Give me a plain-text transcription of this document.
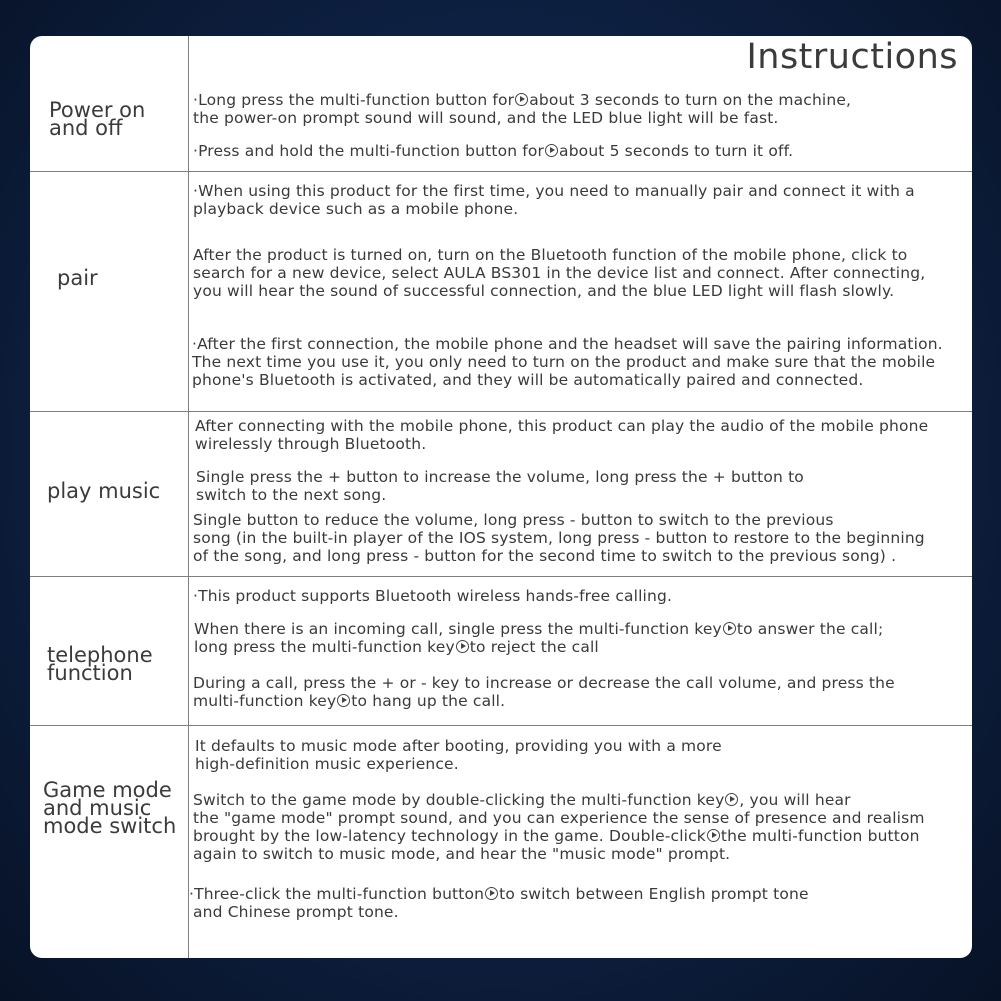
Instructions
Power on
and off
·Long press the multi-function button for about 3 seconds to turn on the machine,
the power-on prompt sound will sound, and the LED blue light will be fast.
·Press and hold the multi-function button for about 5 seconds to turn it off.
pair
·When using this product for the first time, you need to manually pair and connect it with a
playback device such as a mobile phone.
After the product is turned on, turn on the Bluetooth function of the mobile phone, click to
search for a new device, select AULA BS301 in the device list and connect. After connecting,
you will hear the sound of successful connection, and the blue LED light will flash slowly.
·After the first connection, the mobile phone and the headset will save the pairing information.
The next time you use it, you only need to turn on the product and make sure that the mobile
phone's Bluetooth is activated, and they will be automatically paired and connected.
play music
After connecting with the mobile phone, this product can play the audio of the mobile phone
wirelessly through Bluetooth.
Single press the + button to increase the volume, long press the + button to
switch to the next song.
Single button to reduce the volume, long press - button to switch to the previous
song (in the built-in player of the IOS system, long press - button to restore to the beginning
of the song, and long press - button for the second time to switch to the previous song) .
telephone
function
·This product supports Bluetooth wireless hands-free calling.
When there is an incoming call, single press the multi-function key to answer the call;
long press the multi-function key to reject the call
During a call, press the + or - key to increase or decrease the call volume, and press the
multi-function key to hang up the call.
Game mode
and music
mode switch
It defaults to music mode after booting, providing you with a more
high-definition music experience.
Switch to the game mode by double-clicking the multi-function key , you will hear
the "game mode" prompt sound, and you can experience the sense of presence and realism
brought by the low-latency technology in the game. Double-click the multi-function button
again to switch to music mode, and hear the "music mode" prompt.
·Three-click the multi-function button to switch between English prompt tone
and Chinese prompt tone.
